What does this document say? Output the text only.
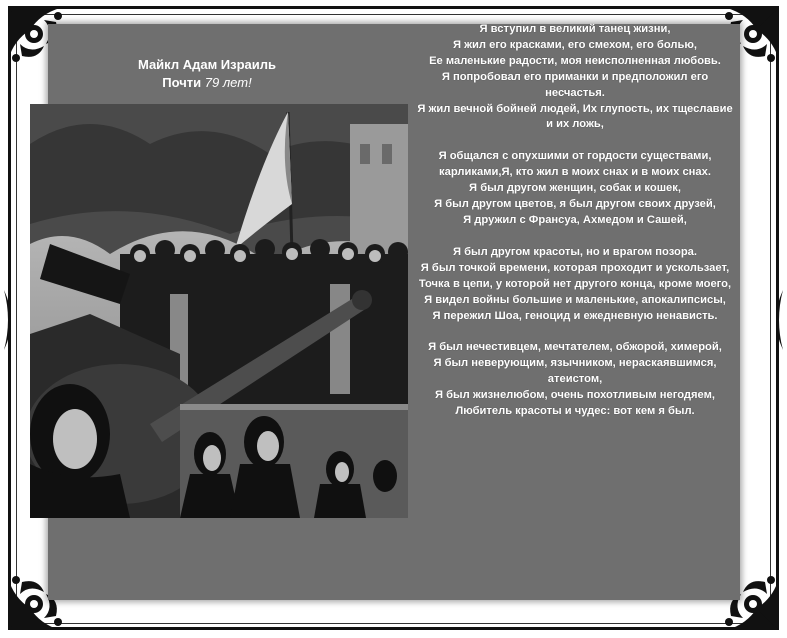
Майкл Адам Израиль
Почти 79 лет!
Я вступил в великий танец жизни,
Я жил его красками, его смехом, его болью,
Ее маленькие радости, моя неисполненная любовь.
Я попробовал его приманки и предположил его несчастья.
Я жил вечной бойней людей, Их глупость, их тщеславие и их ложь,
Я общался с опухшими от гордости существами, карликами,Я, кто жил в моих снах и в моих снах.
Я был другом женщин, собак и кошек,
Я был другом цветов, я был другом своих друзей,
Я дружил с Франсуа, Ахмедом и Сашей,
Я был другом красоты, но и врагом позора.
Я был точкой времени, которая проходит и ускользает,
Точка в цепи, у которой нет другого конца, кроме моего,
Я видел войны большие и маленькие, апокалипсисы,
Я пережил Шоа, геноцид и ежедневную ненависть.
Я был нечестивцем, мечтателем, обжорой, химерой,
Я был неверующим, язычником, нераскаявшимся, атеистом,
Я был жизнелюбом, очень похотливым негодяем,
Любитель красоты и чудес: вот кем я был.
